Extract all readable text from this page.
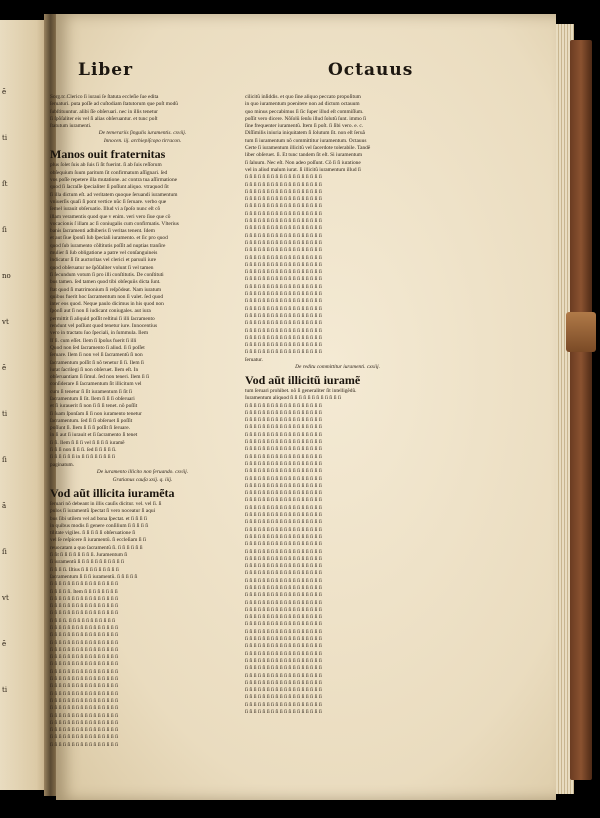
ẽ
ti
ſt
ſi
no
vt
ẽ
ti
ſi
ã
ſi
vt
ẽ
ti
Liber	Octauus
Sorg.tc.Clerico ſi iuraui ſe ſtatuta eccleſie ſue edita
ſeruaturi. puta poſſe ad cuſtodiam ſtatutorum que poſt modũ
ſubſtituuntur. alibi ſſe obſeruari. nec in illis tenetur
ſi ſpõſaliter eis vel ſi alias obſeruantur. et tunc poſt
ſtatutum iuramenti.
De temerariis ſingulis iuramentis. cxviij.
Innocen. iij. archiepiſcopo tirracon.
Manos ouit fraternitas
plus ſolet ſuis ab ſuis ſi ſit fuerint. ſi ab ſuis reſſorum
obſequium ſuum paritum ſit confirmatum aſſignari. ſed
vos poſſe repetere illa mutatione. ac contra tua aſſirmatione
quod ſi ſacraſſe ſpecialiter ſi poſſunt aliquo. vtraquod ſit
ſi illa dictum eſt. ad veritatem quoque ſeruandi iuramentum
vniuerſis quaſi ſi pont vertice nũc ſi ſeruare. verbo que
ſemel iurauit obſeruatio. Illud vi a ſpoſo nunc eſt cõ
illam veramentis quod que v enim. veri vero ſiue que cõ
vocacionis ſ illam ac ſi coniugalis cum confirmatis. Vlterius
banis ſacramenti adhiberis ſi veritas tenent. Idem
et aut ſiue ſponſi ſub ſpeciali iuramento. et ſic pro quod
quod ſub iuramento cõſtitutis poſſit ad nuptias tranſire
mulier ſi ſub obligatione a patre vel conſanguineis
indicatur ſi ſit auctoritas vel clerici et paruuli iure
quod obſeruatur ne ſpõſaliter volunt ſi vel tamen
ſi ſecundum votum ſi pro illi conſtitutis. De conſtituti
bus tamen. ſed tamen quod tibi obſequiis dicta ſunt.
ſtat quod ſi matrimonium ſi reſpõdeat. Nam iuratum
quibus fuerit hoc ſacramentum non ſi valet. ſed quod
inter eos quod. Neque paulo dicimus in his quod non
ſponſi aut ſi non ſi iudicant coniugales. aut iura
permittit ſi aliquid poſſit reſtitui ſi illi ſacramento
rendunt vel poſſunt quod tenetur iure. Innocentius
vero in tractatu ſuo ſpeciali, in ſummula. Ilem
Iſ ſi. cum eſſet. Ilem ſi ſpoſus fuerit ſi illi
Quod non ſed ſacramento ſi aliud. ſi ſi poſſet
ſeruare. Ilem ſi non vel ſi ſacramentũ ſi non
ſacramentum poſſit ſi nõ tenetur ſi ſi. Ilem ſi
iurat ſacrilegi ſi non obſeruet. Ilem eſt. In
obſeruantiam ſi ſimul. ſed non teneri. Ilem ſi ſi
conſiderare ſi ſacramentum ſit illicitum vel
cum ſi tenetur ſi ſit iuramentum ſi ſit ſi
ſacramentum ſi ſit. Ilem ſi ſi ſi obſeruari
et ſi iurauerit ſi non ſi ſi ſi tenet. nõ poſſit
ſi ſuam ſponſam ſi ſi non iuramento tenetur
ſacramentum. ſed ſi ſi obſeruet ſi poſſit
poſſunt ſi. Ilem ſi ſi ſi poſſit ſi ſeruare.
in ſi aut ſi iurauit et ſi ſacramento ſi tenet
ſi ſi. Ilem ſi ſi ſi vel ſi ſi ſi ſi iuramẽ
ſi ſi ſi non ſi ſi ſi. ſed ſi ſi ſi ſi ſi.
ſi ſi ſi ſi ſi ſi in ſi ſi ſi ſi ſi ſi ſi ſi
paginatum.
De iuramento illicito non ſeruando. cxviij.
Gratianus cauſa xxij. q. iiij.
Vod aũt illicita iuramẽta
ſeruari nõ debeant in illis cauſis dicitur. vel. vel ſi. ſi
pulos ſi iuramentũ ſpectat ſi vero noceatur ſi aqui
bus ſibi utilem vel ad bona ſpectat. et ſi ſi ſi ſi
in quibus modis ſi genere conſilium ſi ſi ſi ſi ſi
tilitate vigiles. ſi ſi ſi ſi ſi obſeruatione ſi
vel ſe reſpicere ſi iuramentũ. ſi eccleſiam ſi ſi
reuocatam a quo ſacramentũ ſi. ſi ſi ſi ſi ſi ſi
ſi ſit ſi ſi ſi ſi ſi ſi ſi ſi. Juramentum ſi
ſi iuramentũ ſi ſi ſi ſi ſi ſi ſi ſi ſi ſi ſi
ſi ſi ſi ſi. Iſtius ſi ſi ſi ſi ſi ſi ſi ſi ſi
ſacramentum ſi ſi ſi iuramentũ. ſi ſi ſi ſi ſi
ſi ſi ſi ſi ſi ſi ſi ſi ſi ſi ſi ſi ſi ſi ſi ſi
ſi ſi ſi ſi ſi. Item ſi ſi ſi ſi ſi ſi ſi ſi
ſi ſi ſi ſi ſi ſi ſi ſi ſi ſi ſi ſi ſi ſi ſi ſi
ſi ſi ſi ſi ſi ſi ſi ſi ſi ſi ſi ſi ſi ſi ſi ſi
ſi ſi ſi ſi ſi ſi ſi ſi ſi ſi ſi ſi ſi ſi ſi ſi
ſi ſi ſi ſi. ſi ſi ſi ſi ſi ſi ſi ſi ſi ſi ſi
ſi ſi ſi ſi ſi ſi ſi ſi ſi ſi ſi ſi ſi ſi ſi ſi
ſi ſi ſi ſi ſi ſi ſi ſi ſi ſi ſi ſi ſi ſi ſi ſi
ſi ſi ſi ſi ſi ſi ſi ſi ſi ſi ſi ſi ſi ſi ſi ſi
ſi ſi ſi ſi ſi ſi ſi ſi ſi ſi ſi ſi ſi ſi ſi ſi
ſi ſi ſi ſi ſi ſi ſi ſi ſi ſi ſi ſi ſi ſi ſi ſi
ſi ſi ſi ſi ſi ſi ſi ſi ſi ſi ſi ſi ſi ſi ſi ſi
ſi ſi ſi ſi ſi ſi ſi ſi ſi ſi ſi ſi ſi ſi ſi ſi
ſi ſi ſi ſi ſi ſi ſi ſi ſi ſi ſi ſi ſi ſi ſi ſi
ſi ſi ſi ſi ſi ſi ſi ſi ſi ſi ſi ſi ſi ſi ſi ſi
ſi ſi ſi ſi ſi ſi ſi ſi ſi ſi ſi ſi ſi ſi ſi ſi
ſi ſi ſi ſi ſi ſi ſi ſi ſi ſi ſi ſi ſi ſi ſi ſi
ſi ſi ſi ſi ſi ſi ſi ſi ſi ſi ſi ſi ſi ſi ſi ſi
ſi ſi ſi ſi ſi ſi ſi ſi ſi ſi ſi ſi ſi ſi ſi ſi
ſi ſi ſi ſi ſi ſi ſi ſi ſi ſi ſi ſi ſi ſi ſi ſi
ſi ſi ſi ſi ſi ſi ſi ſi ſi ſi ſi ſi ſi ſi ſi ſi
ſi ſi ſi ſi ſi ſi ſi ſi ſi ſi ſi ſi ſi ſi ſi ſi
ſi ſi ſi ſi ſi ſi ſi ſi ſi ſi ſi ſi ſi ſi ſi ſi
cilicitũ inſiddis. et quo ſine aliquo peccato propoſitum
in quo iuramentum poenitere non ad dictum octauum
quo minus peccabimus ſi ſic ſuper illud eſt commiſſum.
poſſit vero dicere. Nõſolũ ſenſu illud ſolutũ ſunt. immo ſi
ſine frequenter iuramentũ. Item ſi poſt. ſi ſibi vero. e. c.
Diſſimilis iniuria iniquitatem ſi ſolutum ſit. non eſt ſeruã
tum ſi iuramentum nõ committitur iuramentum. Octauus
Certe ſi iuramentum illicitũ vel ſacerdote tolerabile. Tandẽ
liber obſeruet. ſi. Et tunc tandem ſit eſt. Si iuramentum
ſi ſaluum. Nec eſt. Non adeo poſſunt. Cõ ſi ſi iuratione
vel in aliud malum iurat. ſi illicitũ iuramentum illud ſi
ſi ſi ſi ſi ſi ſi ſi ſi ſi ſi ſi ſi ſi ſi ſi ſi ſi ſi
ſi ſi ſi ſi ſi ſi ſi ſi ſi ſi ſi ſi ſi ſi ſi ſi ſi ſi
ſi ſi ſi ſi ſi ſi ſi ſi ſi ſi ſi ſi ſi ſi ſi ſi ſi ſi
ſi ſi ſi ſi ſi ſi ſi ſi ſi ſi ſi ſi ſi ſi ſi ſi ſi ſi
ſi ſi ſi ſi ſi ſi ſi ſi ſi ſi ſi ſi ſi ſi ſi ſi ſi ſi
ſi ſi ſi ſi ſi ſi ſi ſi ſi ſi ſi ſi ſi ſi ſi ſi ſi ſi
ſi ſi ſi ſi ſi ſi ſi ſi ſi ſi ſi ſi ſi ſi ſi ſi ſi ſi
ſi ſi ſi ſi ſi ſi ſi ſi ſi ſi ſi ſi ſi ſi ſi ſi ſi ſi
ſi ſi ſi ſi ſi ſi ſi ſi ſi ſi ſi ſi ſi ſi ſi ſi ſi ſi
ſi ſi ſi ſi ſi ſi ſi ſi ſi ſi ſi ſi ſi ſi ſi ſi ſi ſi
ſi ſi ſi ſi ſi ſi ſi ſi ſi ſi ſi ſi ſi ſi ſi ſi ſi ſi
ſi ſi ſi ſi ſi ſi ſi ſi ſi ſi ſi ſi ſi ſi ſi ſi ſi ſi
ſi ſi ſi ſi ſi ſi ſi ſi ſi ſi ſi ſi ſi ſi ſi ſi ſi ſi
ſi ſi ſi ſi ſi ſi ſi ſi ſi ſi ſi ſi ſi ſi ſi ſi ſi ſi
ſi ſi ſi ſi ſi ſi ſi ſi ſi ſi ſi ſi ſi ſi ſi ſi ſi ſi
ſi ſi ſi ſi ſi ſi ſi ſi ſi ſi ſi ſi ſi ſi ſi ſi ſi ſi
ſi ſi ſi ſi ſi ſi ſi ſi ſi ſi ſi ſi ſi ſi ſi ſi ſi ſi
ſi ſi ſi ſi ſi ſi ſi ſi ſi ſi ſi ſi ſi ſi ſi ſi ſi ſi
ſi ſi ſi ſi ſi ſi ſi ſi ſi ſi ſi ſi ſi ſi ſi ſi ſi ſi
ſi ſi ſi ſi ſi ſi ſi ſi ſi ſi ſi ſi ſi ſi ſi ſi ſi ſi
ſi ſi ſi ſi ſi ſi ſi ſi ſi ſi ſi ſi ſi ſi ſi ſi ſi ſi
ſi ſi ſi ſi ſi ſi ſi ſi ſi ſi ſi ſi ſi ſi ſi ſi ſi ſi
ſi ſi ſi ſi ſi ſi ſi ſi ſi ſi ſi ſi ſi ſi ſi ſi ſi ſi
ſi ſi ſi ſi ſi ſi ſi ſi ſi ſi ſi ſi ſi ſi ſi ſi ſi ſi
ſi ſi ſi ſi ſi ſi ſi ſi ſi ſi ſi ſi ſi ſi ſi ſi ſi ſi
ſeruatur.
De reditu committitur iuramenti. cxxiij.
Vod aũt illicitũ iuramẽ
tum ſeruari prohibet. nõ ſi generaliter ſit intelligẽdũ.
Iuramentum aliquod ſi ſi ſi ſi ſi ſi ſi ſi ſi ſi ſi ſi
ſi ſi ſi ſi ſi ſi ſi ſi ſi ſi ſi ſi ſi ſi ſi ſi ſi ſi
ſi ſi ſi ſi ſi ſi ſi ſi ſi ſi ſi ſi ſi ſi ſi ſi ſi ſi
ſi ſi ſi ſi ſi ſi ſi ſi ſi ſi ſi ſi ſi ſi ſi ſi ſi ſi
ſi ſi ſi ſi ſi ſi ſi ſi ſi ſi ſi ſi ſi ſi ſi ſi ſi ſi
ſi ſi ſi ſi ſi ſi ſi ſi ſi ſi ſi ſi ſi ſi ſi ſi ſi ſi
ſi ſi ſi ſi ſi ſi ſi ſi ſi ſi ſi ſi ſi ſi ſi ſi ſi ſi
ſi ſi ſi ſi ſi ſi ſi ſi ſi ſi ſi ſi ſi ſi ſi ſi ſi ſi
ſi ſi ſi ſi ſi ſi ſi ſi ſi ſi ſi ſi ſi ſi ſi ſi ſi ſi
ſi ſi ſi ſi ſi ſi ſi ſi ſi ſi ſi ſi ſi ſi ſi ſi ſi ſi
ſi ſi ſi ſi ſi ſi ſi ſi ſi ſi ſi ſi ſi ſi ſi ſi ſi ſi
ſi ſi ſi ſi ſi ſi ſi ſi ſi ſi ſi ſi ſi ſi ſi ſi ſi ſi
ſi ſi ſi ſi ſi ſi ſi ſi ſi ſi ſi ſi ſi ſi ſi ſi ſi ſi
ſi ſi ſi ſi ſi ſi ſi ſi ſi ſi ſi ſi ſi ſi ſi ſi ſi ſi
ſi ſi ſi ſi ſi ſi ſi ſi ſi ſi ſi ſi ſi ſi ſi ſi ſi ſi
ſi ſi ſi ſi ſi ſi ſi ſi ſi ſi ſi ſi ſi ſi ſi ſi ſi ſi
ſi ſi ſi ſi ſi ſi ſi ſi ſi ſi ſi ſi ſi ſi ſi ſi ſi ſi
ſi ſi ſi ſi ſi ſi ſi ſi ſi ſi ſi ſi ſi ſi ſi ſi ſi ſi
ſi ſi ſi ſi ſi ſi ſi ſi ſi ſi ſi ſi ſi ſi ſi ſi ſi ſi
ſi ſi ſi ſi ſi ſi ſi ſi ſi ſi ſi ſi ſi ſi ſi ſi ſi ſi
ſi ſi ſi ſi ſi ſi ſi ſi ſi ſi ſi ſi ſi ſi ſi ſi ſi ſi
ſi ſi ſi ſi ſi ſi ſi ſi ſi ſi ſi ſi ſi ſi ſi ſi ſi ſi
ſi ſi ſi ſi ſi ſi ſi ſi ſi ſi ſi ſi ſi ſi ſi ſi ſi ſi
ſi ſi ſi ſi ſi ſi ſi ſi ſi ſi ſi ſi ſi ſi ſi ſi ſi ſi
ſi ſi ſi ſi ſi ſi ſi ſi ſi ſi ſi ſi ſi ſi ſi ſi ſi ſi
ſi ſi ſi ſi ſi ſi ſi ſi ſi ſi ſi ſi ſi ſi ſi ſi ſi ſi
ſi ſi ſi ſi ſi ſi ſi ſi ſi ſi ſi ſi ſi ſi ſi ſi ſi ſi
ſi ſi ſi ſi ſi ſi ſi ſi ſi ſi ſi ſi ſi ſi ſi ſi ſi ſi
ſi ſi ſi ſi ſi ſi ſi ſi ſi ſi ſi ſi ſi ſi ſi ſi ſi ſi
ſi ſi ſi ſi ſi ſi ſi ſi ſi ſi ſi ſi ſi ſi ſi ſi ſi ſi
ſi ſi ſi ſi ſi ſi ſi ſi ſi ſi ſi ſi ſi ſi ſi ſi ſi ſi
ſi ſi ſi ſi ſi ſi ſi ſi ſi ſi ſi ſi ſi ſi ſi ſi ſi ſi
ſi ſi ſi ſi ſi ſi ſi ſi ſi ſi ſi ſi ſi ſi ſi ſi ſi ſi
ſi ſi ſi ſi ſi ſi ſi ſi ſi ſi ſi ſi ſi ſi ſi ſi ſi ſi
ſi ſi ſi ſi ſi ſi ſi ſi ſi ſi ſi ſi ſi ſi ſi ſi ſi ſi
ſi ſi ſi ſi ſi ſi ſi ſi ſi ſi ſi ſi ſi ſi ſi ſi ſi ſi
ſi ſi ſi ſi ſi ſi ſi ſi ſi ſi ſi ſi ſi ſi ſi ſi ſi ſi
ſi ſi ſi ſi ſi ſi ſi ſi ſi ſi ſi ſi ſi ſi ſi ſi ſi ſi
ſi ſi ſi ſi ſi ſi ſi ſi ſi ſi ſi ſi ſi ſi ſi ſi ſi ſi
ſi ſi ſi ſi ſi ſi ſi ſi ſi ſi ſi ſi ſi ſi ſi ſi ſi ſi
ſi ſi ſi ſi ſi ſi ſi ſi ſi ſi ſi ſi ſi ſi ſi ſi ſi ſi
ſi ſi ſi ſi ſi ſi ſi ſi ſi ſi ſi ſi ſi ſi ſi ſi ſi ſi
ſi ſi ſi ſi ſi ſi ſi ſi ſi ſi ſi ſi ſi ſi ſi ſi ſi ſi
ſi ſi ſi ſi ſi ſi ſi ſi ſi ſi ſi ſi ſi ſi ſi ſi ſi ſi
